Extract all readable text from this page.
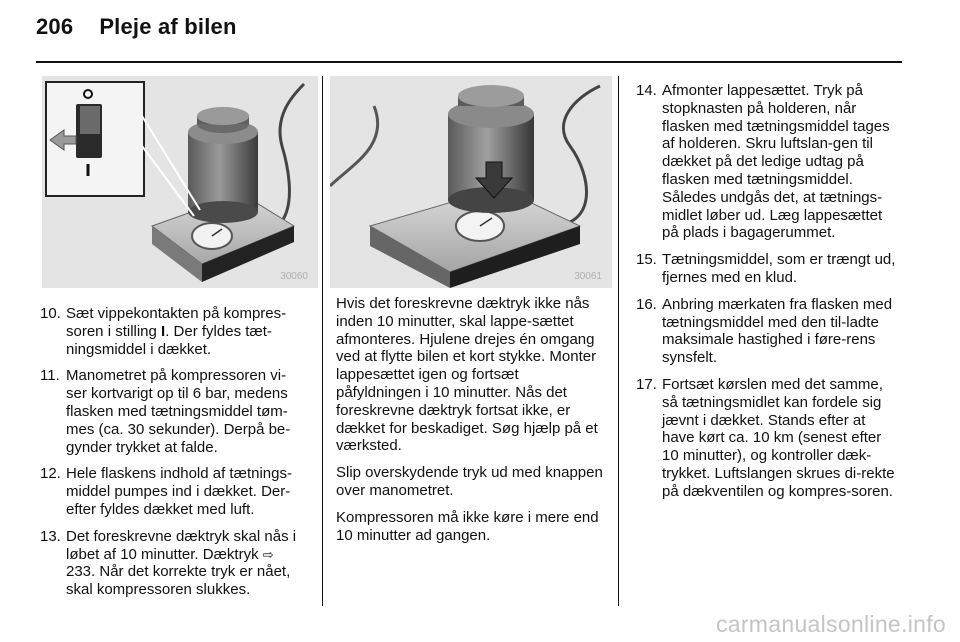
206 Pleje af bilen
30060	30061
10. Sæt vippekontakten på kompres-soren i stilling I. Der fyldes tæt-ningsmiddel i dækket.
11. Manometret på kompressoren vi-ser kortvarigt op til 6 bar, medens flasken med tætningsmiddel tøm-mes (ca. 30 sekunder). Derpå be-gynder trykket at falde.
12. Hele flaskens indhold af tætnings-middel pumpes ind i dækket. Der-efter fyldes dækket med luft.
13. Det foreskrevne dæktryk skal nås i løbet af 10 minutter. Dæktryk ⇨ 233. Når det korrekte tryk er nået, skal kompressoren slukkes.

Hvis det foreskrevne dæktryk ikke nås inden 10 minutter, skal lappe-sættet afmonteres. Hjulene drejes én omgang ved at flytte bilen et kort stykke. Monter lappesættet igen og fortsæt påfyldningen i 10 minutter. Nås det foreskrevne dæktryk fortsat ikke, er dækket for beskadiget. Søg hjælp på et værksted.

Slip overskydende tryk ud med knappen over manometret.

Kompressoren må ikke køre i mere end 10 minutter ad gangen.

14. Afmonter lappesættet. Tryk på stopknasten på holderen, når flasken med tætningsmiddel tages af holderen. Skru luftslan-gen til dækket på det ledige udtag på flasken med tætningsmiddel. Således undgås det, at tætnings-midlet løber ud. Læg lappesættet på plads i bagagerummet.
15. Tætningsmiddel, som er trængt ud, fjernes med en klud.
16. Anbring mærkaten fra flasken med tætningsmiddel med den til-ladte maksimale hastighed i føre-rens synsfelt.
17. Fortsæt kørslen med det samme, så tætningsmidlet kan fordele sig jævnt i dækket. Stands efter at have kørt ca. 10 km (senest efter 10 minutter), og kontroller dæk-trykket. Luftslangen skrues di-rekte på dækventilen og kompres-soren.
carmanualsonline.info
